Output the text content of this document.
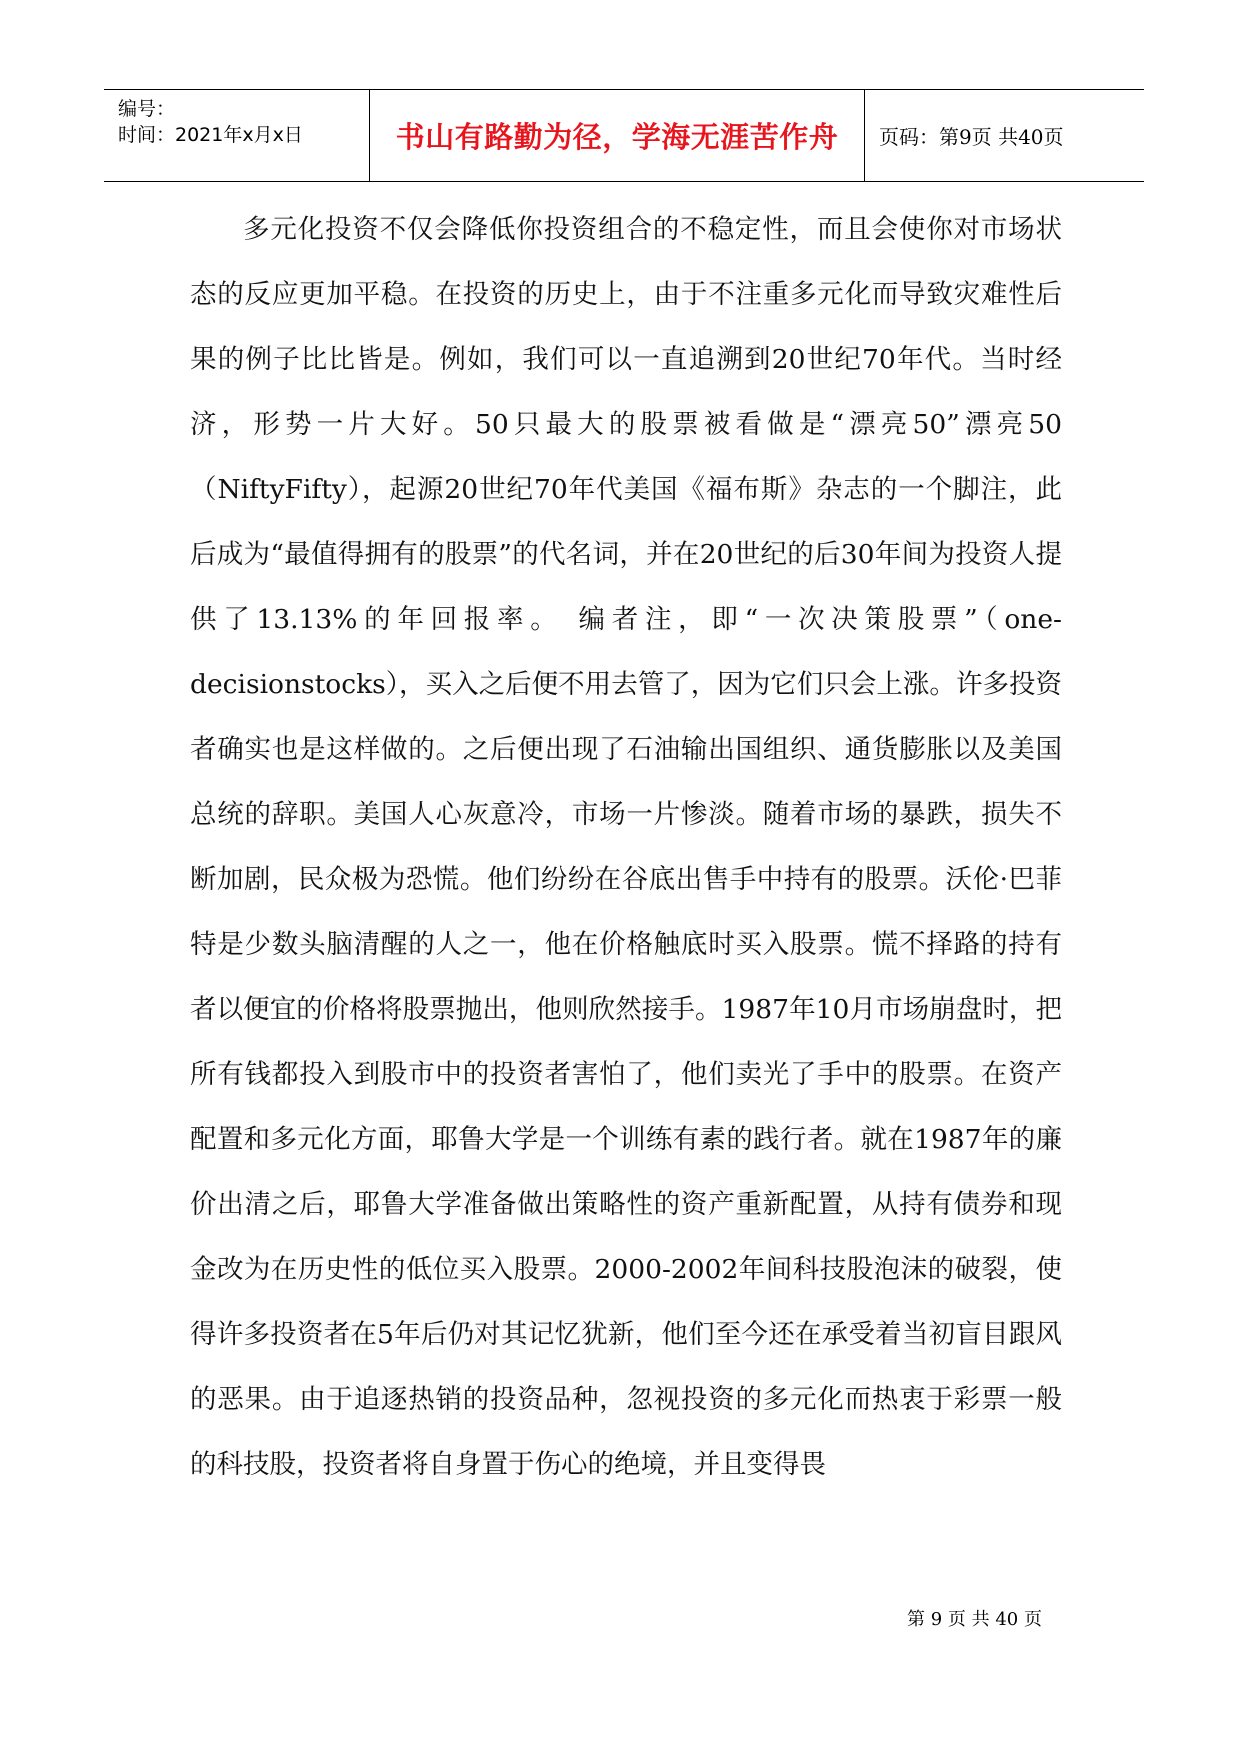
编号：
时间：2021年x月x日	书山有路勤为径，学海无涯苦作舟 页码：第9页 共40页
多元化投资不仅会降低你投资组合的不稳定性，而且会使你对市场状态的反应更加平稳。在投资的历史上，由于不注重多元化而导致灾难性后果的例子比比皆是。例如，我们可以一直追溯到20世纪70年代。当时经济，形势一片大好。50只最大的股票被看做是“漂亮50”漂亮50（NiftyFifty），起源20世纪70年代美国《福布斯》杂志的一个脚注，此后成为“最值得拥有的股票”的代名词，并在20世纪的后30年间为投资人提供了13.13%的年回报率。 编者注，即“一次决策股票”（one-decisionstocks），买入之后便不用去管了，因为它们只会上涨。许多投资者确实也是这样做的。之后便出现了石油输出国组织、通货膨胀以及美国总统的辞职。美国人心灰意冷，市场一片惨淡。随着市场的暴跌，损失不断加剧，民众极为恐慌。他们纷纷在谷底出售手中持有的股票。沃伦·巴菲特是少数头脑清醒的人之一，他在价格触底时买入股票。慌不择路的持有者以便宜的价格将股票抛出，他则欣然接手。1987年10月市场崩盘时，把所有钱都投入到股市中的投资者害怕了，他们卖光了手中的股票。在资产配置和多元化方面，耶鲁大学是一个训练有素的践行者。就在1987年的廉价出清之后，耶鲁大学准备做出策略性的资产重新配置，从持有债券和现金改为在历史性的低位买入股票。2000-2002年间科技股泡沫的破裂，使得许多投资者在5年后仍对其记忆犹新，他们至今还在承受着当初盲目跟风的恶果。由于追逐热销的投资品种，忽视投资的多元化而热衷于彩票一般的科技股，投资者将自身置于伤心的绝境，并且变得畏
第 9 页 共 40 页
